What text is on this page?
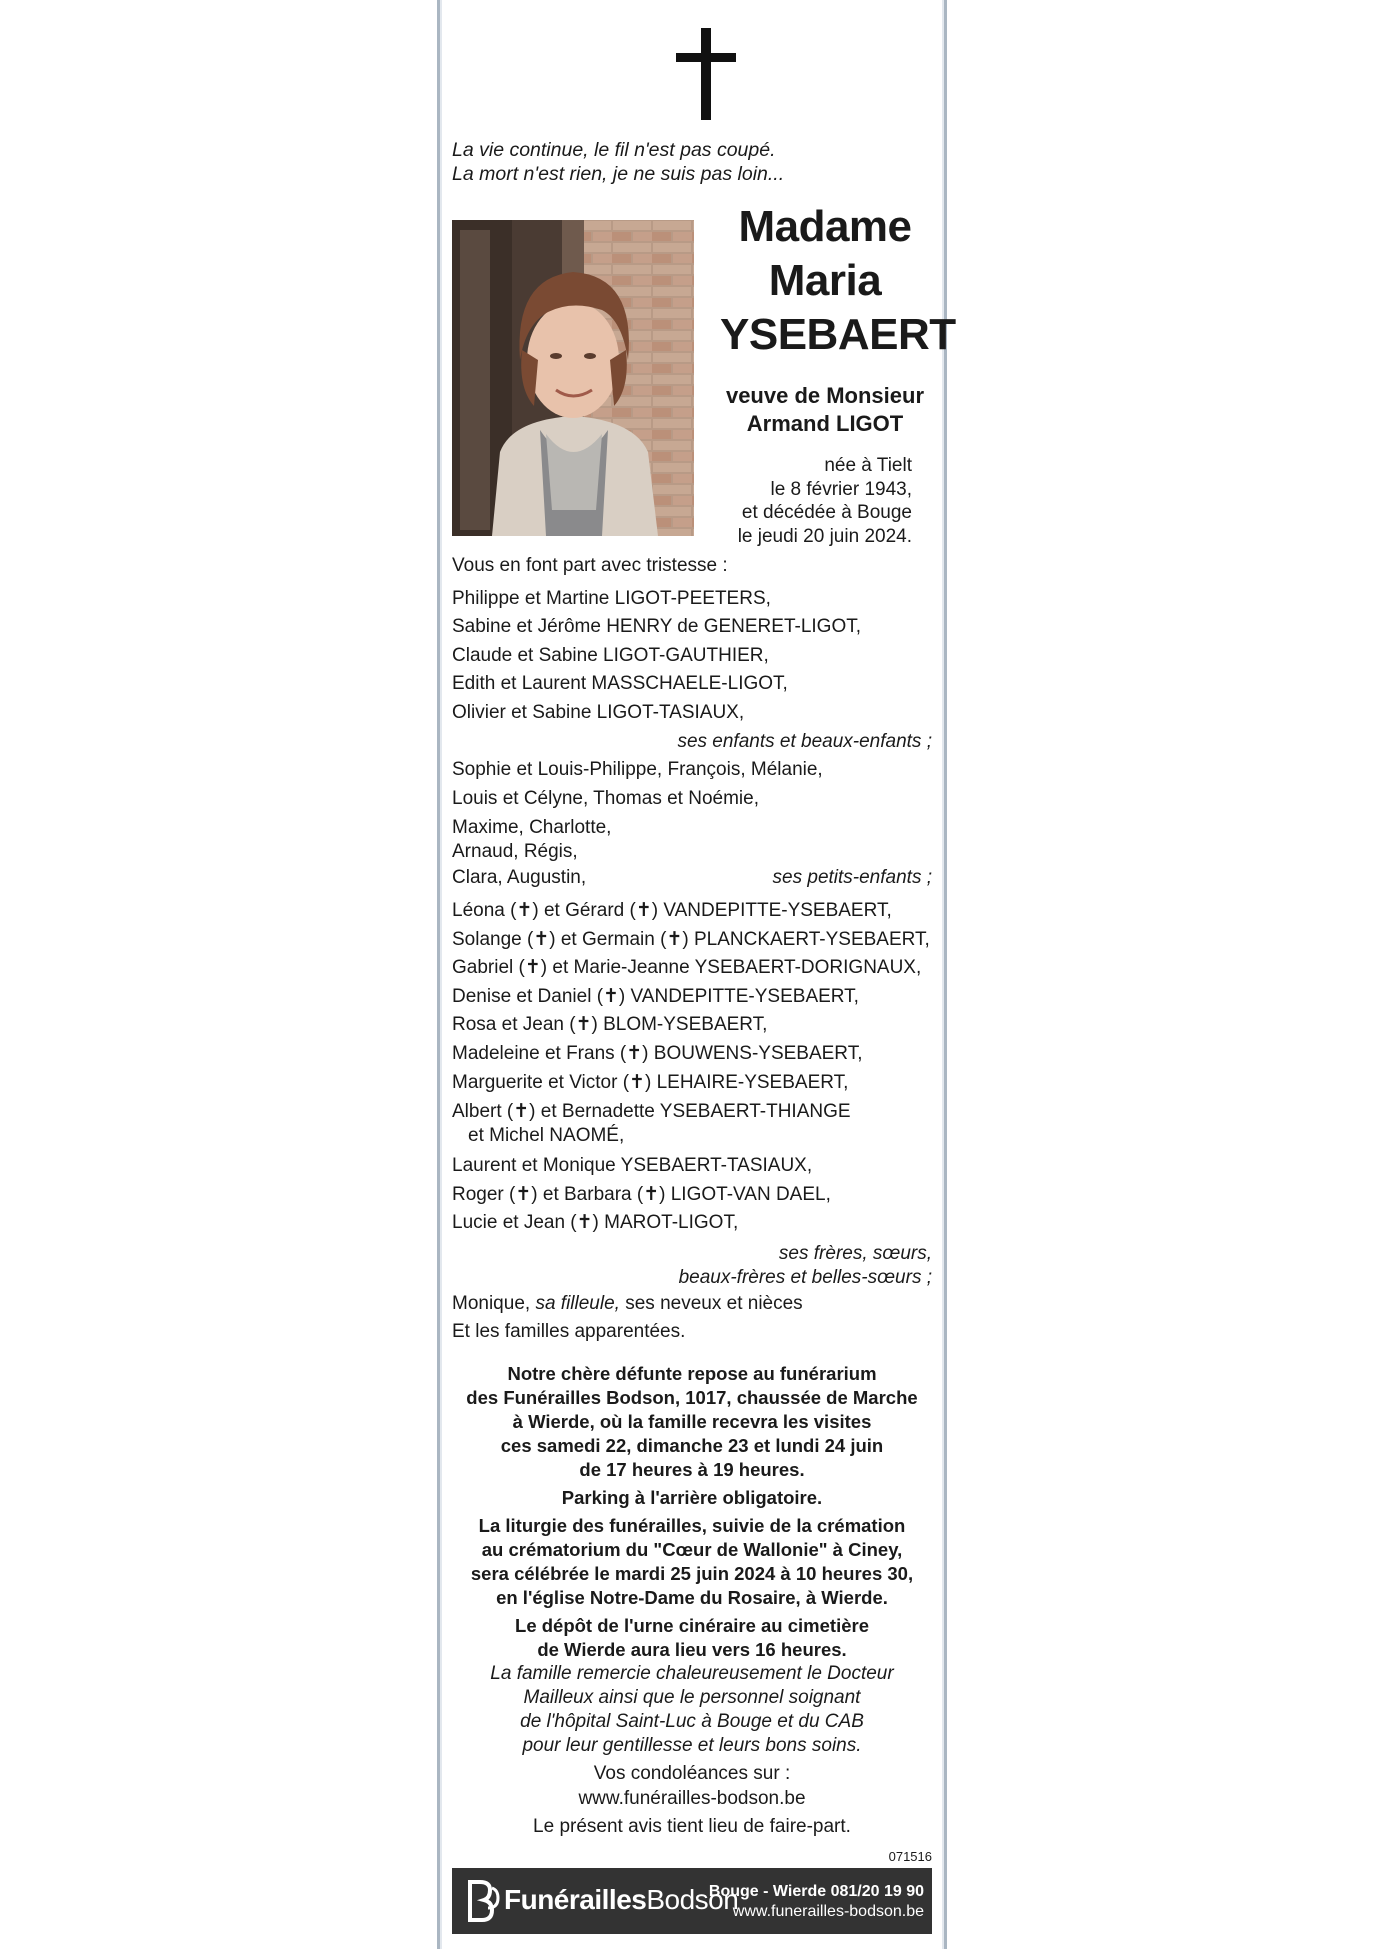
La vie continue, le fil n'est pas coupé.
La mort n'est rien, je ne suis pas loin...
Madame
Maria
YSEBAERT
veuve de Monsieur
Armand LIGOT
née à Tielt
le 8 février 1943,
et décédée à Bouge
le jeudi 20 juin 2024.
Vous en font part avec tristesse :
Philippe et Martine LIGOT-PEETERS,
Sabine et Jérôme HENRY de GENERET-LIGOT,
Claude et Sabine LIGOT-GAUTHIER,
Edith et Laurent MASSCHAELE-LIGOT,
Olivier et Sabine LIGOT-TASIAUX,
ses enfants et beaux-enfants ;
Sophie et Louis-Philippe, François, Mélanie,
Louis et Célyne, Thomas et Noémie,
Maxime, Charlotte,
Arnaud, Régis,
Clara, Augustin,	ses petits-enfants ;
Léona (✝) et Gérard (✝) VANDEPITTE-YSEBAERT,
Solange (✝) et Germain (✝) PLANCKAERT-YSEBAERT,
Gabriel (✝) et Marie-Jeanne YSEBAERT-DORIGNAUX,
Denise et Daniel (✝) VANDEPITTE-YSEBAERT,
Rosa et Jean (✝) BLOM-YSEBAERT,
Madeleine et Frans (✝) BOUWENS-YSEBAERT,
Marguerite et Victor (✝) LEHAIRE-YSEBAERT,
Albert (✝) et Bernadette YSEBAERT-THIANGE
et Michel NAOMÉ,
Laurent et Monique YSEBAERT-TASIAUX,
Roger (✝) et Barbara (✝) LIGOT-VAN DAEL,
Lucie et Jean (✝) MAROT-LIGOT,
ses frères, sœurs,
beaux-frères et belles-sœurs ;
Monique, sa filleule, ses neveux et nièces
Et les familles apparentées.
Notre chère défunte repose au funérarium
des Funérailles Bodson, 1017, chaussée de Marche
à Wierde, où la famille recevra les visites
ces samedi 22, dimanche 23 et lundi 24 juin
de 17 heures à 19 heures.
Parking à l'arrière obligatoire.
La liturgie des funérailles, suivie de la crémation
au crématorium du "Cœur de Wallonie" à Ciney,
sera célébrée le mardi 25 juin 2024 à 10 heures 30,
en l'église Notre-Dame du Rosaire, à Wierde.
Le dépôt de l'urne cinéraire au cimetière
de Wierde aura lieu vers 16 heures.
La famille remercie chaleureusement le Docteur
Mailleux ainsi que le personnel soignant
de l'hôpital Saint-Luc à Bouge et du CAB
pour leur gentillesse et leurs bons soins.
Vos condoléances sur :
www.funérailles-bodson.be
Le présent avis tient lieu de faire-part.
071516
FunéraillesBodson
Bouge - Wierde 081/20 19 90
www.funerailles-bodson.be
